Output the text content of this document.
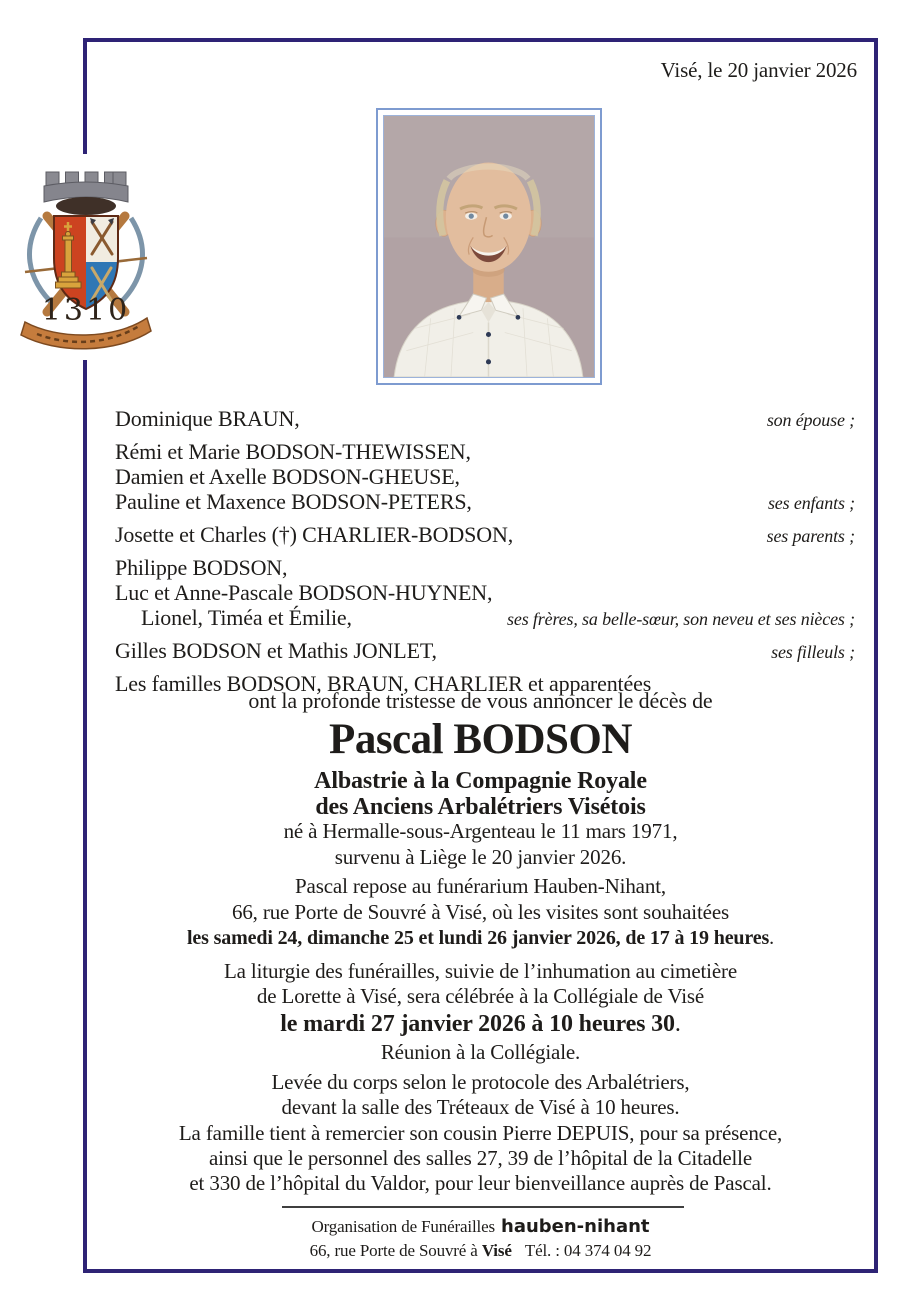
Visé, le 20 janvier 2026
1310
Dominique BRAUN,	son épouse ;
Rémi et Marie BODSON-THEWISSEN,
Damien et Axelle BODSON-GHEUSE,
Pauline et Maxence BODSON-PETERS,	ses enfants ;
Josette et Charles (†) CHARLIER-BODSON,	ses parents ;
Philippe BODSON,
Luc et Anne-Pascale BODSON-HUYNEN,
Lionel, Timéa et Émilie,	ses frères, sa belle-sœur, son neveu et ses nièces ;
Gilles BODSON et Mathis JONLET,	ses filleuls ;
Les familles BODSON, BRAUN, CHARLIER et apparentées
ont la profonde tristesse de vous annoncer le décès de
Pascal BODSON
Albastrie à la Compagnie Royale
des Anciens Arbalétriers Visétois
né à Hermalle-sous-Argenteau le 11 mars 1971,
survenu à Liège le 20 janvier 2026.
Pascal repose au funérarium Hauben-Nihant,
66, rue Porte de Souvré à Visé, où les visites sont souhaitées
les samedi 24, dimanche 25 et lundi 26 janvier 2026, de 17 à 19 heures.
La liturgie des funérailles, suivie de l’inhumation au cimetière
de Lorette à Visé, sera célébrée à la Collégiale de Visé
le mardi 27 janvier 2026 à 10 heures 30.
Réunion à la Collégiale.
Levée du corps selon le protocole des Arbalétriers,
devant la salle des Tréteaux de Visé à 10 heures.
La famille tient à remercier son cousin Pierre DEPUIS, pour sa présence,
ainsi que le personnel des salles 27, 39 de l’hôpital de la Citadelle
et 330 de l’hôpital du Valdor, pour leur bienveillance auprès de Pascal.
Organisation de Funérailles hauben-nihant
66, rue Porte de Souvré à Visé Tél. : 04 374 04 92
